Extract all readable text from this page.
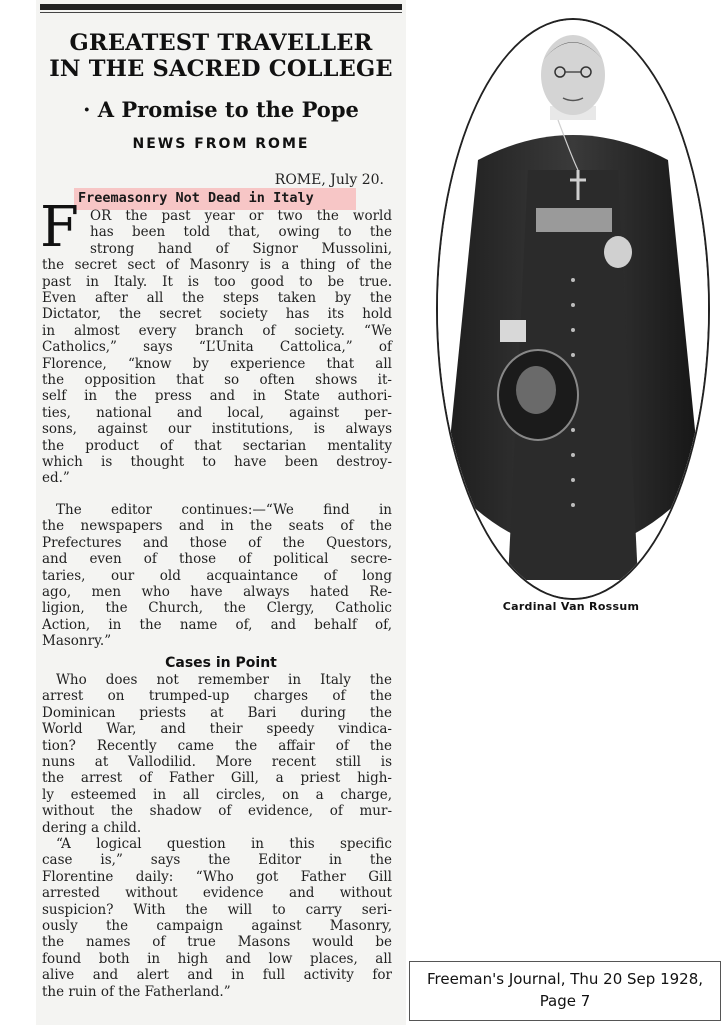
GREATEST TRAVELLER
IN THE SACRED COLLEGE
· A Promise to the Pope
NEWS FROM ROME
ROME, July 20.
Freemasonry Not Dead in Italy
F OR the past year or two the world
has been told that, owing to the
strong hand of Signor Mussolini,
the secret sect of Masonry is a thing of the
past in Italy. It is too good to be true.
Even after all the steps taken by the
Dictator, the secret society has its hold
in almost every branch of society. “We
Catholics,” says “L’Unita Cattolica,” of
Florence, “know by experience that all
the opposition that so often shows it-
self in the press and in State authori-
ties, national and local, against per-
sons, against our institutions, is always
the product of that sectarian mentality
which is thought to have been destroy-
ed.”
The editor continues:—“We find in
the newspapers and in the seats of the
Prefectures and those of the Questors,
and even of those of political secre-
taries, our old acquaintance of long
ago, men who have always hated Re-
ligion, the Church, the Clergy, Catholic
Action, in the name of, and behalf of,
Masonry.”
Who does not remember in Italy the
arrest on trumped-up charges of the
Dominican priests at Bari during the
World War, and their speedy vindica-
tion? Recently came the affair of the
nuns at Vallodilid. More recent still is
the arrest of Father Gill, a priest high-
ly esteemed in all circles, on a charge,
without the shadow of evidence, of mur-
dering a child.
“A logical question in this specific
case is,” says the Editor in the
Florentine daily: “Who got Father Gill
arrested without evidence and without
suspicion? With the will to carry seri-
ously the campaign against Masonry,
the names of true Masons would be
found both in high and low places, all
alive and alert and in full activity for
the ruin of the Fatherland.”
Cases in Point
Cardinal Van Rossum
Freeman's Journal, Thu 20 Sep 1928,
Page 7
